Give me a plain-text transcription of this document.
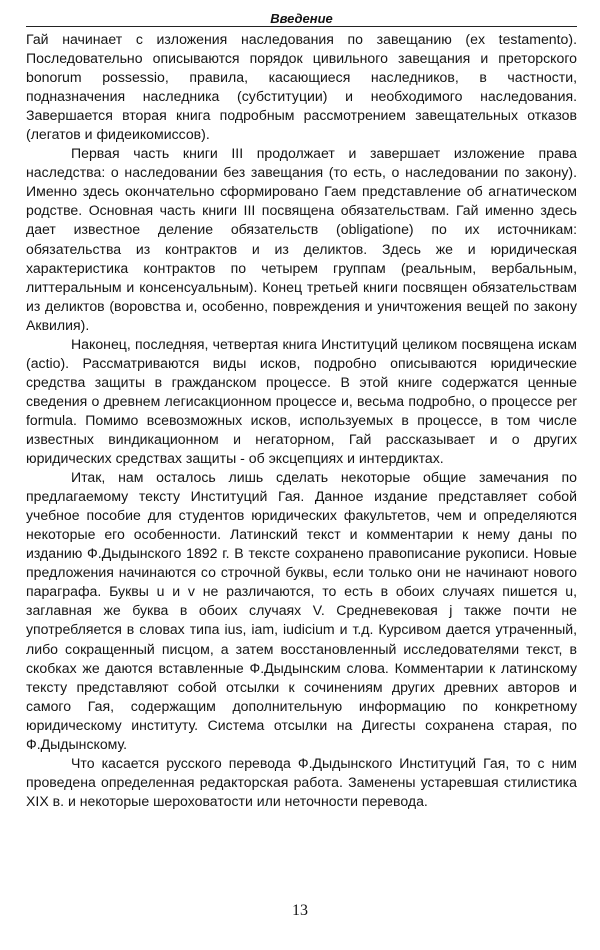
$_{Введение}$

Гай начинает с изложения наследования по завещанию (ex testamento). Последовательно описываются порядок цивильного завещания и преторского bonorum possessio, правила, касающиеся наследников, в частности, подназначения наследника (субституции) и необходимого наследования. Завершается вторая книга подробным рассмотрением завещательных отказов (легатов и фидеикомиссов).

Первая часть книги III продолжает и завершает изложение права наследства: о наследовании без завещания (то есть, о наследовании по закону). Именно здесь окончательно сформировано Гаем представление об агнатическом родстве. Основная часть книги III посвящена обязательствам. Гай именно здесь дает известное деление обязательств (obligatione) по их источникам: обязательства из контрактов и из деликтов. Здесь же и юридическая характеристика контрактов по четырем группам (реальным, вербальным, литтеральным и консенсуальным). Конец третьей книги посвящен обязательствам из деликтов (воровства и, особенно, повреждения и уничтожения вещей по закону Аквилия).

Наконец, последняя, четвертая книга Институций целиком посвящена искам (actio). Рассматриваются виды исков, подробно описываются юридические средства защиты в гражданском процессе. В этой книге содержатся ценные сведения о древнем легисакционном процессе и, весьма подробно, о процессе per formula. Помимо всевозможных исков, используемых в процессе, в том числе известных виндикационном и негаторном, Гай рассказывает и о других юридических средствах защиты - об эксцепциях и интердиктах.

Итак, нам осталось лишь сделать некоторые общие замечания по предлагаемому тексту Институций Гая. Данное издание представляет собой учебное пособие для студентов юридических факультетов, чем и определяются некоторые его особенности. Латинский текст и комментарии к нему даны по изданию Ф.Дыдынского 1892 г. В тексте сохранено правописание рукописи. Новые предложения начинаются со строчной буквы, если только они не начинают нового параграфа. Буквы u и v не различаются, то есть в обоих случаях пишется u, заглавная же буква в обоих случаях V. Средневековая j также почти не употребляется в словах типа ius, iam, iudicium и т.д. Курсивом дается утраченный, либо сокращенный писцом, а затем восстановленный исследователями текст, в скобках же даются вставленные Ф.Дыдынским слова. Комментарии к латинскому тексту представляют собой отсылки к сочинениям других древних авторов и самого Гая, содержащим дополнительную информацию по конкретному юридическому институту. Система отсылки на Дигесты сохранена старая, по Ф.Дыдынскому.

Что касается русского перевода Ф.Дыдынского Институций Гая, то с ним проведена определенная редакторская работа. Заменены устаревшая стилистика XIX в. и некоторые шероховатости или неточности перевода.

13
